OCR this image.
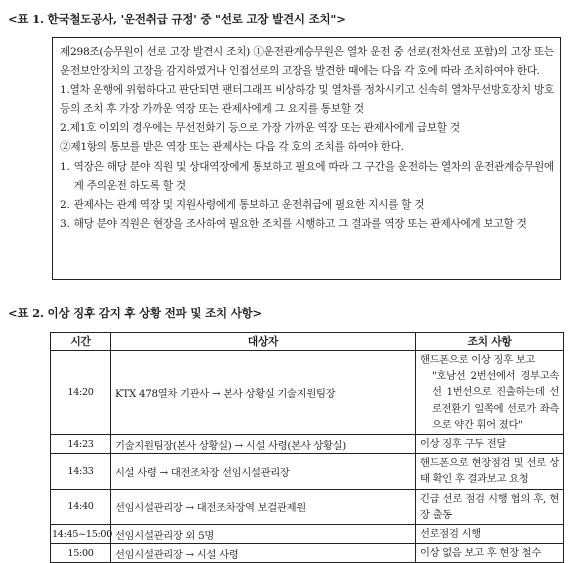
<표 1. 한국철도공사, '운전취급 규정' 중 "선로 고장 발견시 조치">

제298조(승무원이 선로 고장 발견시 조치) ①운전관계승무원은 열차 운전 중 선로(전차선로 포함)의 고장 또는 운전보안장치의 고장을 감지하였거나 인접선로의 고장을 발견한 때에는 다음 각 호에 따라 조치하여야 한다.

1.열차 운행에 위험하다고 판단되면 팬터그래프 비상하강 및 열차를 정차시키고 신속히 열차무선방호장치 방호 등의 조치 후 가장 가까운 역장 또는 관제사에게 그 요지를 통보할 것

2.제1호 이외의 경우에는 무선전화기 등으로 가장 가까운 역장 또는 관제사에게 급보할 것

②제1항의 통보를 받은 역장 또는 관제사는 다음 각 호의 조치를 하여야 한다.

1. 역장은 해당 분야 직원 및 상대역장에게 통보하고 필요에 따라 그 구간을 운전하는 열차의 운전관계승무원에게 주의운전 하도록 할 것
2. 관제사는 관계 역장 및 지원사령에게 통보하고 운전취급에 필요한 지시를 할 것
3. 해당 분야 직원은 현장을 조사하여 필요한 조치를 시행하고 그 결과를 역장 또는 관제사에게 보고할 것
<표 2. 이상 징후 감지 후 상황 전파 및 조치 사항>
시간	대상자	조치 사항
14:20	KTX 478열차 기관사 → 본사 상황실 기술지원팀장	핸드폰으로 이상 징후 보고
"호남선 2번선에서 경부고속선 1번선으로 진출하는데 선로전환기 일쪽에 선로가 좌측으로 약간 휘어 졌다"

14:23	기술지원팀장(본사 상황실) → 시설 사령(본사 상황실)	이상 징후 구두 전달
14:33	시설 사령 → 대전조차장 선임시설관리장	핸드폰으로 현장점검 및 선로 상태 확인 후 결과보고 요청
14:40	선임시설관리장 → 대전조차장역 보걸관제원	긴급 선로 점검 시행 협의 후, 현장 출동
14:45~15:00	선임시설관리장 외 5명	선로점검 시행
15:00	선임시설관리장 → 시설 사령	이상 없음 보고 후 현장 철수
